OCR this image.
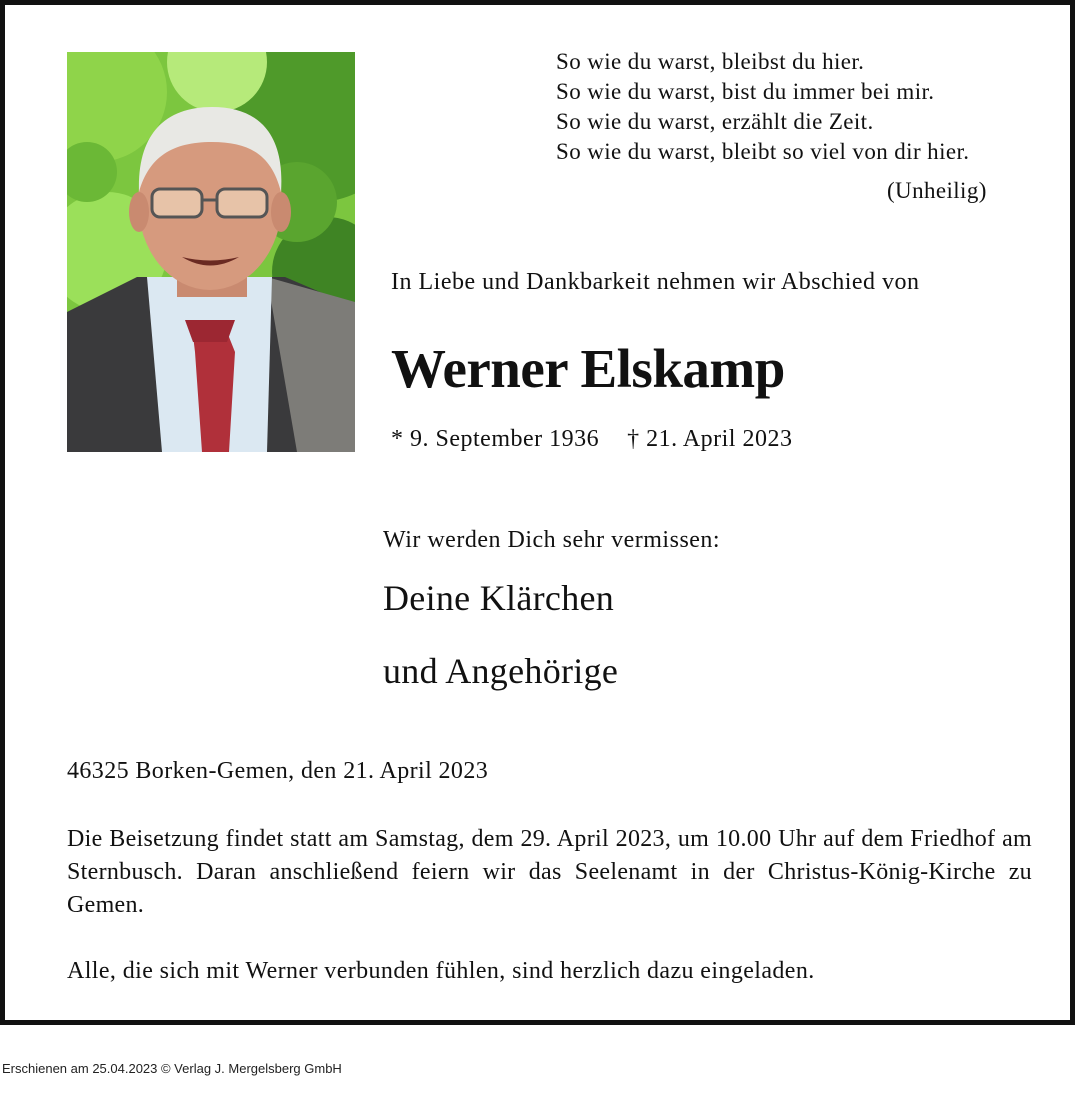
So wie du warst, bleibst du hier.
So wie du warst, bist du immer bei mir.
So wie du warst, erzählt die Zeit.
So wie du warst, bleibt so viel von dir hier.
(Unheilig)
In Liebe und Dankbarkeit nehmen wir Abschied von
Werner Elskamp
* 9. September 1936 † 21. April 2023
Wir werden Dich sehr vermissen:
Deine Klärchen
und Angehörige
46325 Borken-Gemen, den 21. April 2023

Die Beisetzung findet statt am Samstag, dem 29. April 2023, um 10.00 Uhr auf dem Friedhof am Sternbusch. Daran anschließend feiern wir das Seelenamt in der Christus-König-Kirche zu Gemen.

Alle, die sich mit Werner verbunden fühlen, sind herzlich dazu eingeladen.
Erschienen am 25.04.2023 © Verlag J. Mergelsberg GmbH
